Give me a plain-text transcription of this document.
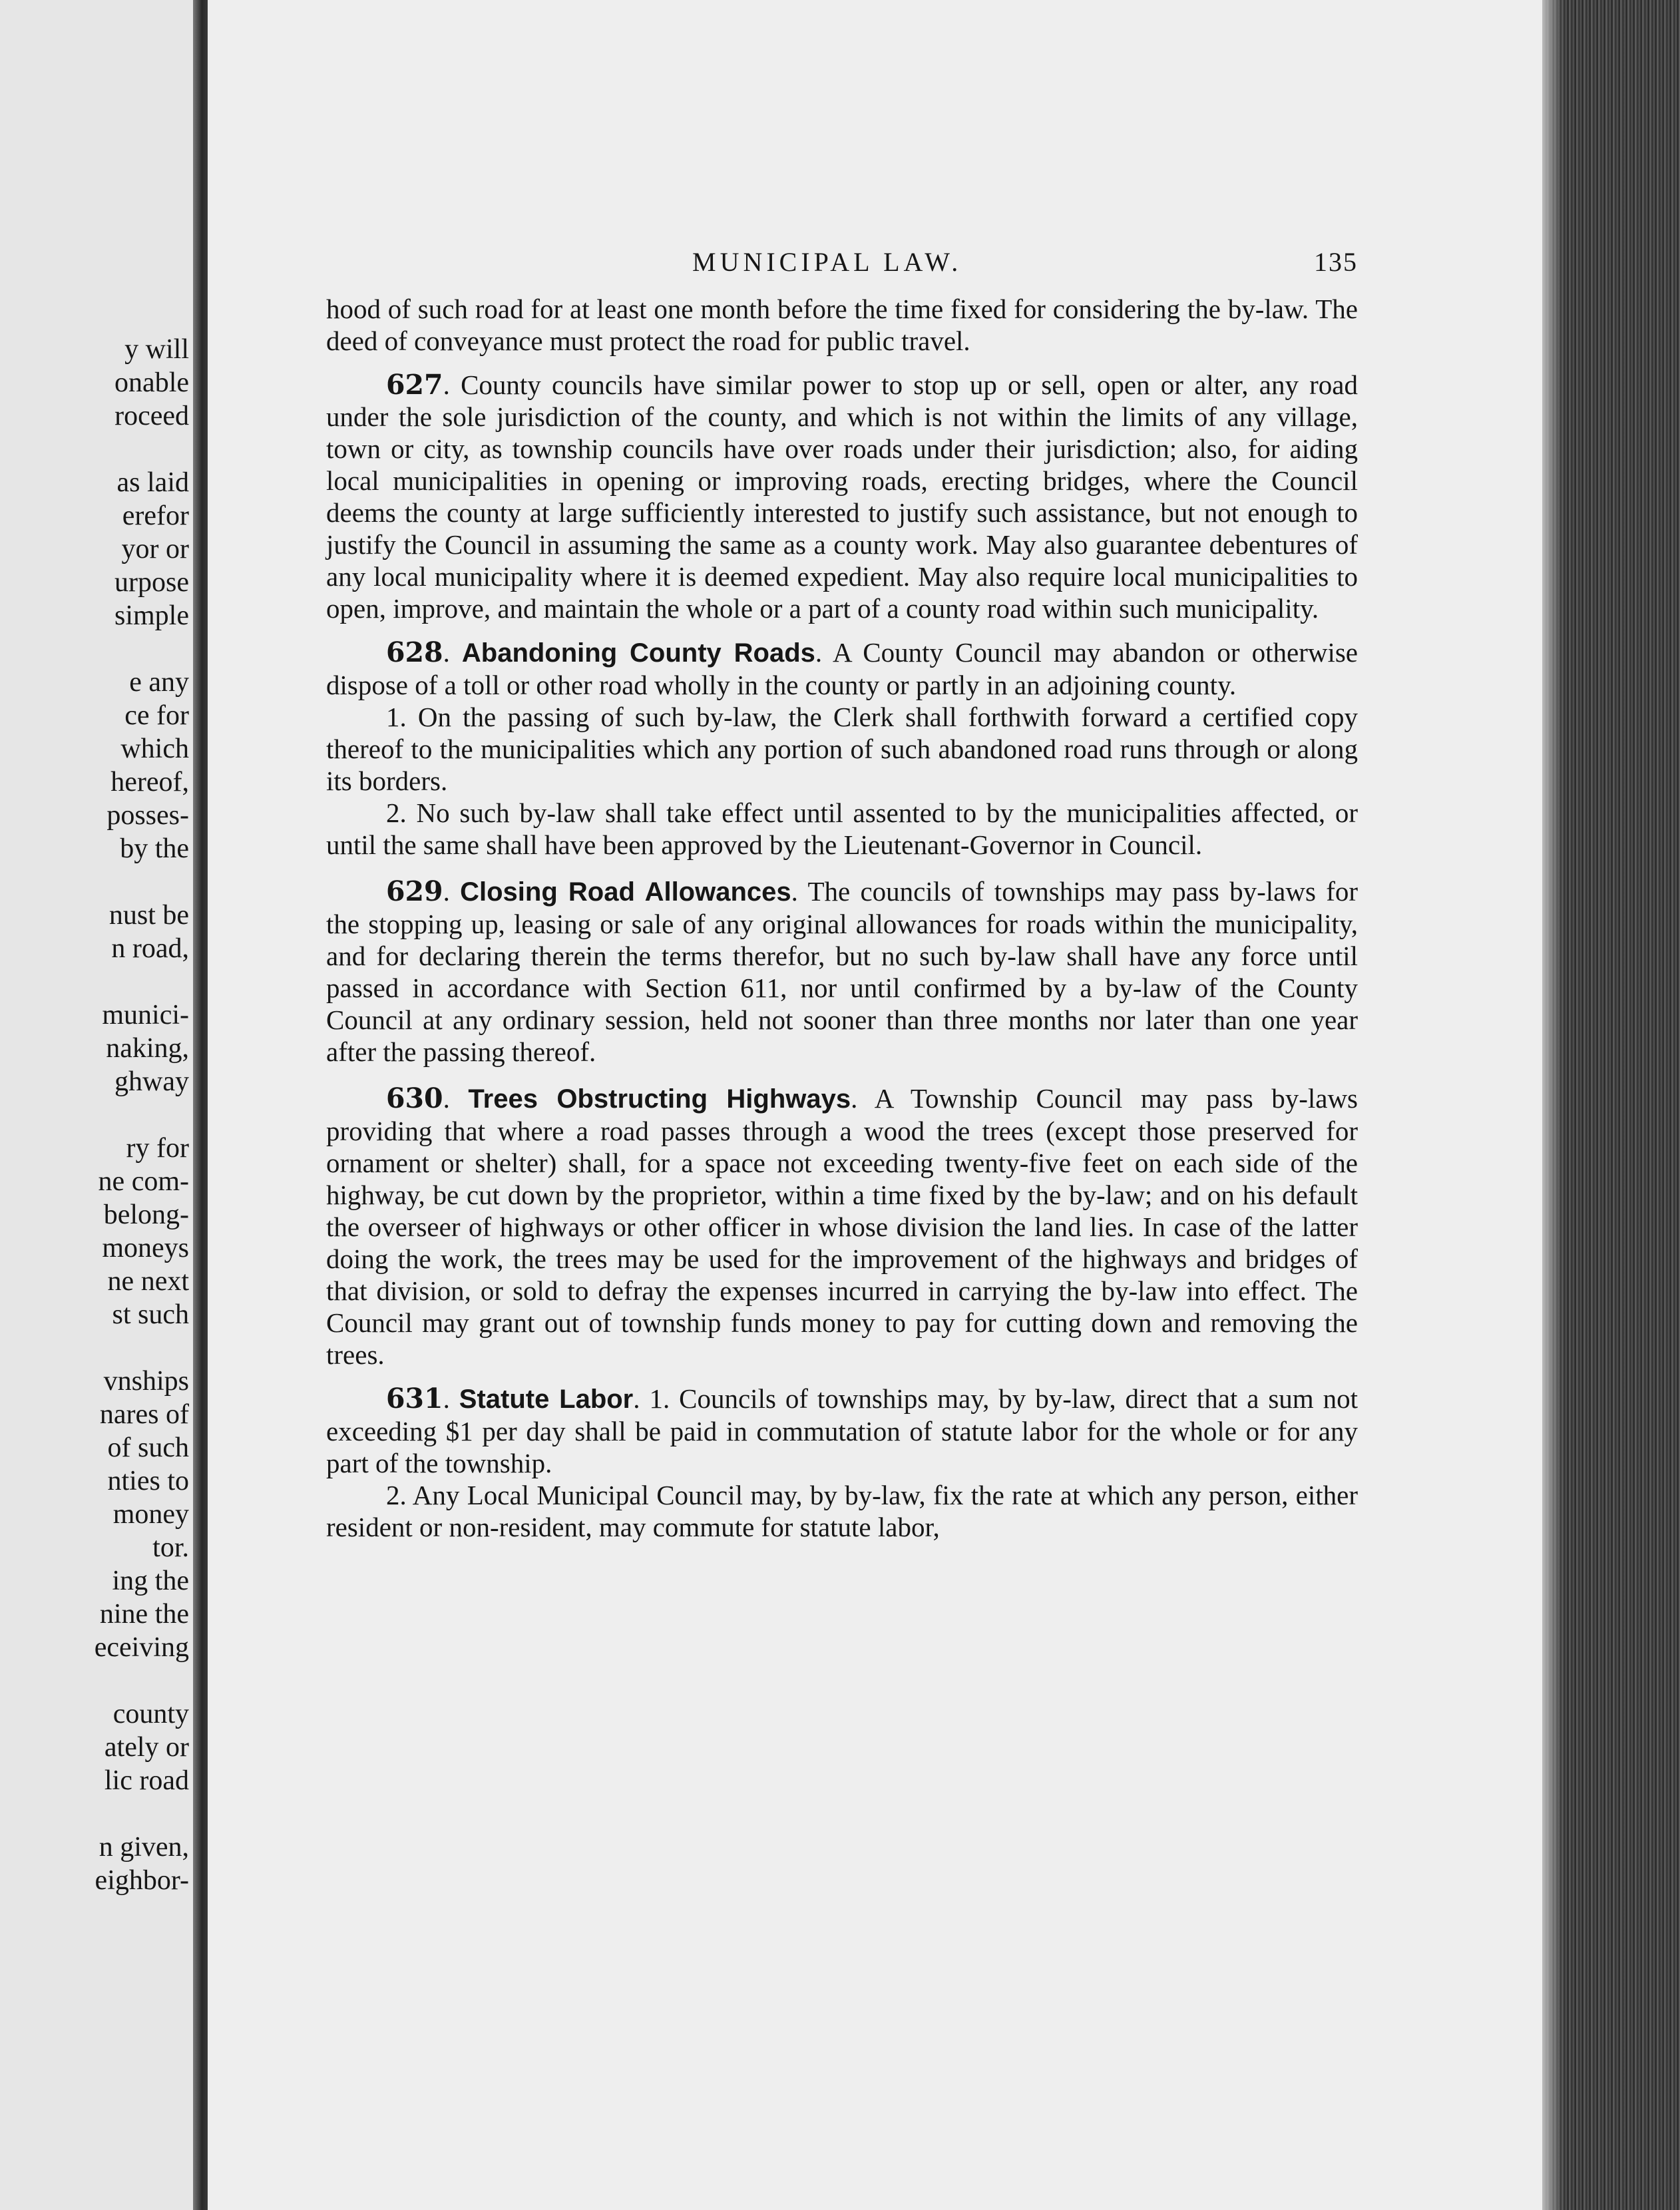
y will
onable
roceed
as laid
erefor
yor or
urpose
simple
e any
ce for
which
hereof,
posses-
by the
nust be
n road,
munici-
naking,
ghway
ry for
ne com-
belong-
moneys
ne next
st such
vnships
nares of
of such
nties to
money
tor.
ing the
nine the
eceiving
county
ately or
lic road
n given,
eighbor-
MUNICIPAL LAW.	135

hood of such road for at least one month before the time fixed for considering the by-law. The deed of conveyance must protect the road for public travel.

627. County councils have similar power to stop up or sell, open or alter, any road under the sole jurisdiction of the county, and which is not within the limits of any village, town or city, as township councils have over roads under their jurisdiction; also, for aiding local municipalities in opening or improving roads, erecting bridges, where the Council deems the county at large sufficiently interested to justify such assistance, but not enough to justify the Council in assuming the same as a county work. May also guarantee debentures of any local municipality where it is deemed expedient. May also require local municipalities to open, improve, and maintain the whole or a part of a county road within such municipality.

628. Abandoning County Roads. A County Council may abandon or otherwise dispose of a toll or other road wholly in the county or partly in an adjoining county.

1. On the passing of such by-law, the Clerk shall forthwith forward a certified copy thereof to the municipalities which any portion of such abandoned road runs through or along its borders.

2. No such by-law shall take effect until assented to by the municipalities affected, or until the same shall have been approved by the Lieutenant-Governor in Council.

629. Closing Road Allowances. The councils of townships may pass by-laws for the stopping up, leasing or sale of any original allowances for roads within the municipality, and for declaring therein the terms therefor, but no such by-law shall have any force until passed in accordance with Section 611, nor until confirmed by a by-law of the County Council at any ordinary session, held not sooner than three months nor later than one year after the passing thereof.

630. Trees Obstructing Highways. A Township Council may pass by-laws providing that where a road passes through a wood the trees (except those preserved for ornament or shelter) shall, for a space not exceeding twenty-five feet on each side of the highway, be cut down by the proprietor, within a time fixed by the by-law; and on his default the overseer of highways or other officer in whose division the land lies. In case of the latter doing the work, the trees may be used for the improvement of the highways and bridges of that division, or sold to defray the expenses incurred in carrying the by-law into effect. The Council may grant out of township funds money to pay for cutting down and removing the trees.

631. Statute Labor. 1. Councils of townships may, by by-law, direct that a sum not exceeding $1 per day shall be paid in commutation of statute labor for the whole or for any part of the township.

2. Any Local Municipal Council may, by by-law, fix the rate at which any person, either resident or non-resident, may commute for statute labor,
